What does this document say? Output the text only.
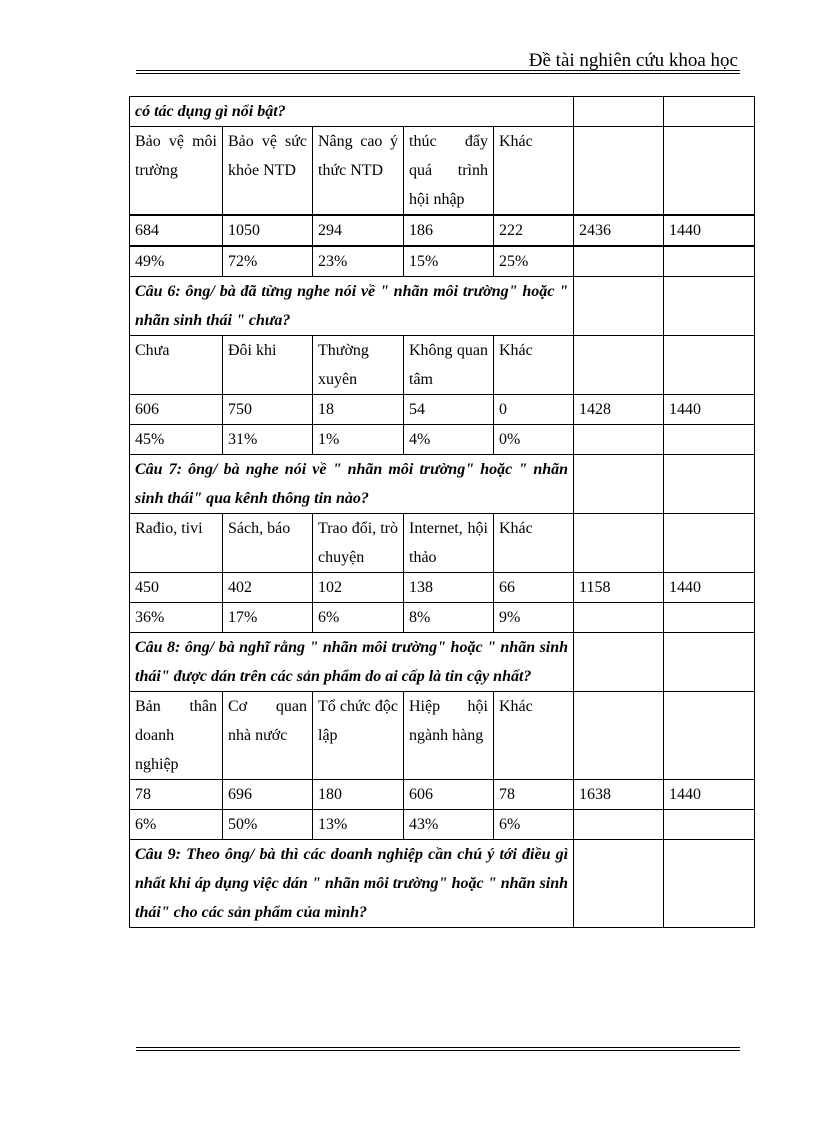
Đề tài nghiên cứu khoa học
có tác dụng gì nổi bật?						
Bảo vệ môi trường	Bảo vệ sức khỏe NTD	Nâng cao ý thức NTD	thúc đẩy quá trình hội nhập	Khác		
684	1050	294	186	222	2436	1440
49%	72%	23%	15%	25%		
Câu 6: ông/ bà đã từng nghe nói về " nhãn môi trường" hoặc " nhãn sinh thái " chưa?						
Chưa	Đôi khi	Thường xuyên	Không quan tâm	Khác		
606	750	18	54	0	1428	1440
45%	31%	1%	4%	0%		
Câu 7: ông/ bà nghe nói về " nhãn môi trường" hoặc " nhãn sinh thái" qua kênh thông tin nào?						
Rađio, tivi	Sách, báo	Trao đổi, trò chuyện	Internet, hội thảo	Khác		
450	402	102	138	66	1158	1440
36%	17%	6%	8%	9%		
Câu 8: ông/ bà nghĩ rằng " nhãn môi trường" hoặc " nhãn sinh thái" được dán trên các sản phẩm do ai cấp là tin cậy nhất?						
Bản thân doanh nghiệp	Cơ quan nhà nước	Tổ chức độc lập	Hiệp hội ngành hàng	Khác		
78	696	180	606	78	1638	1440
6%	50%	13%	43%	6%		
Câu 9: Theo ông/ bà thì các doanh nghiệp cần chú ý tới điều gì nhất khi áp dụng việc dán " nhãn môi trường" hoặc " nhãn sinh thái" cho các sản phẩm của mình?						
